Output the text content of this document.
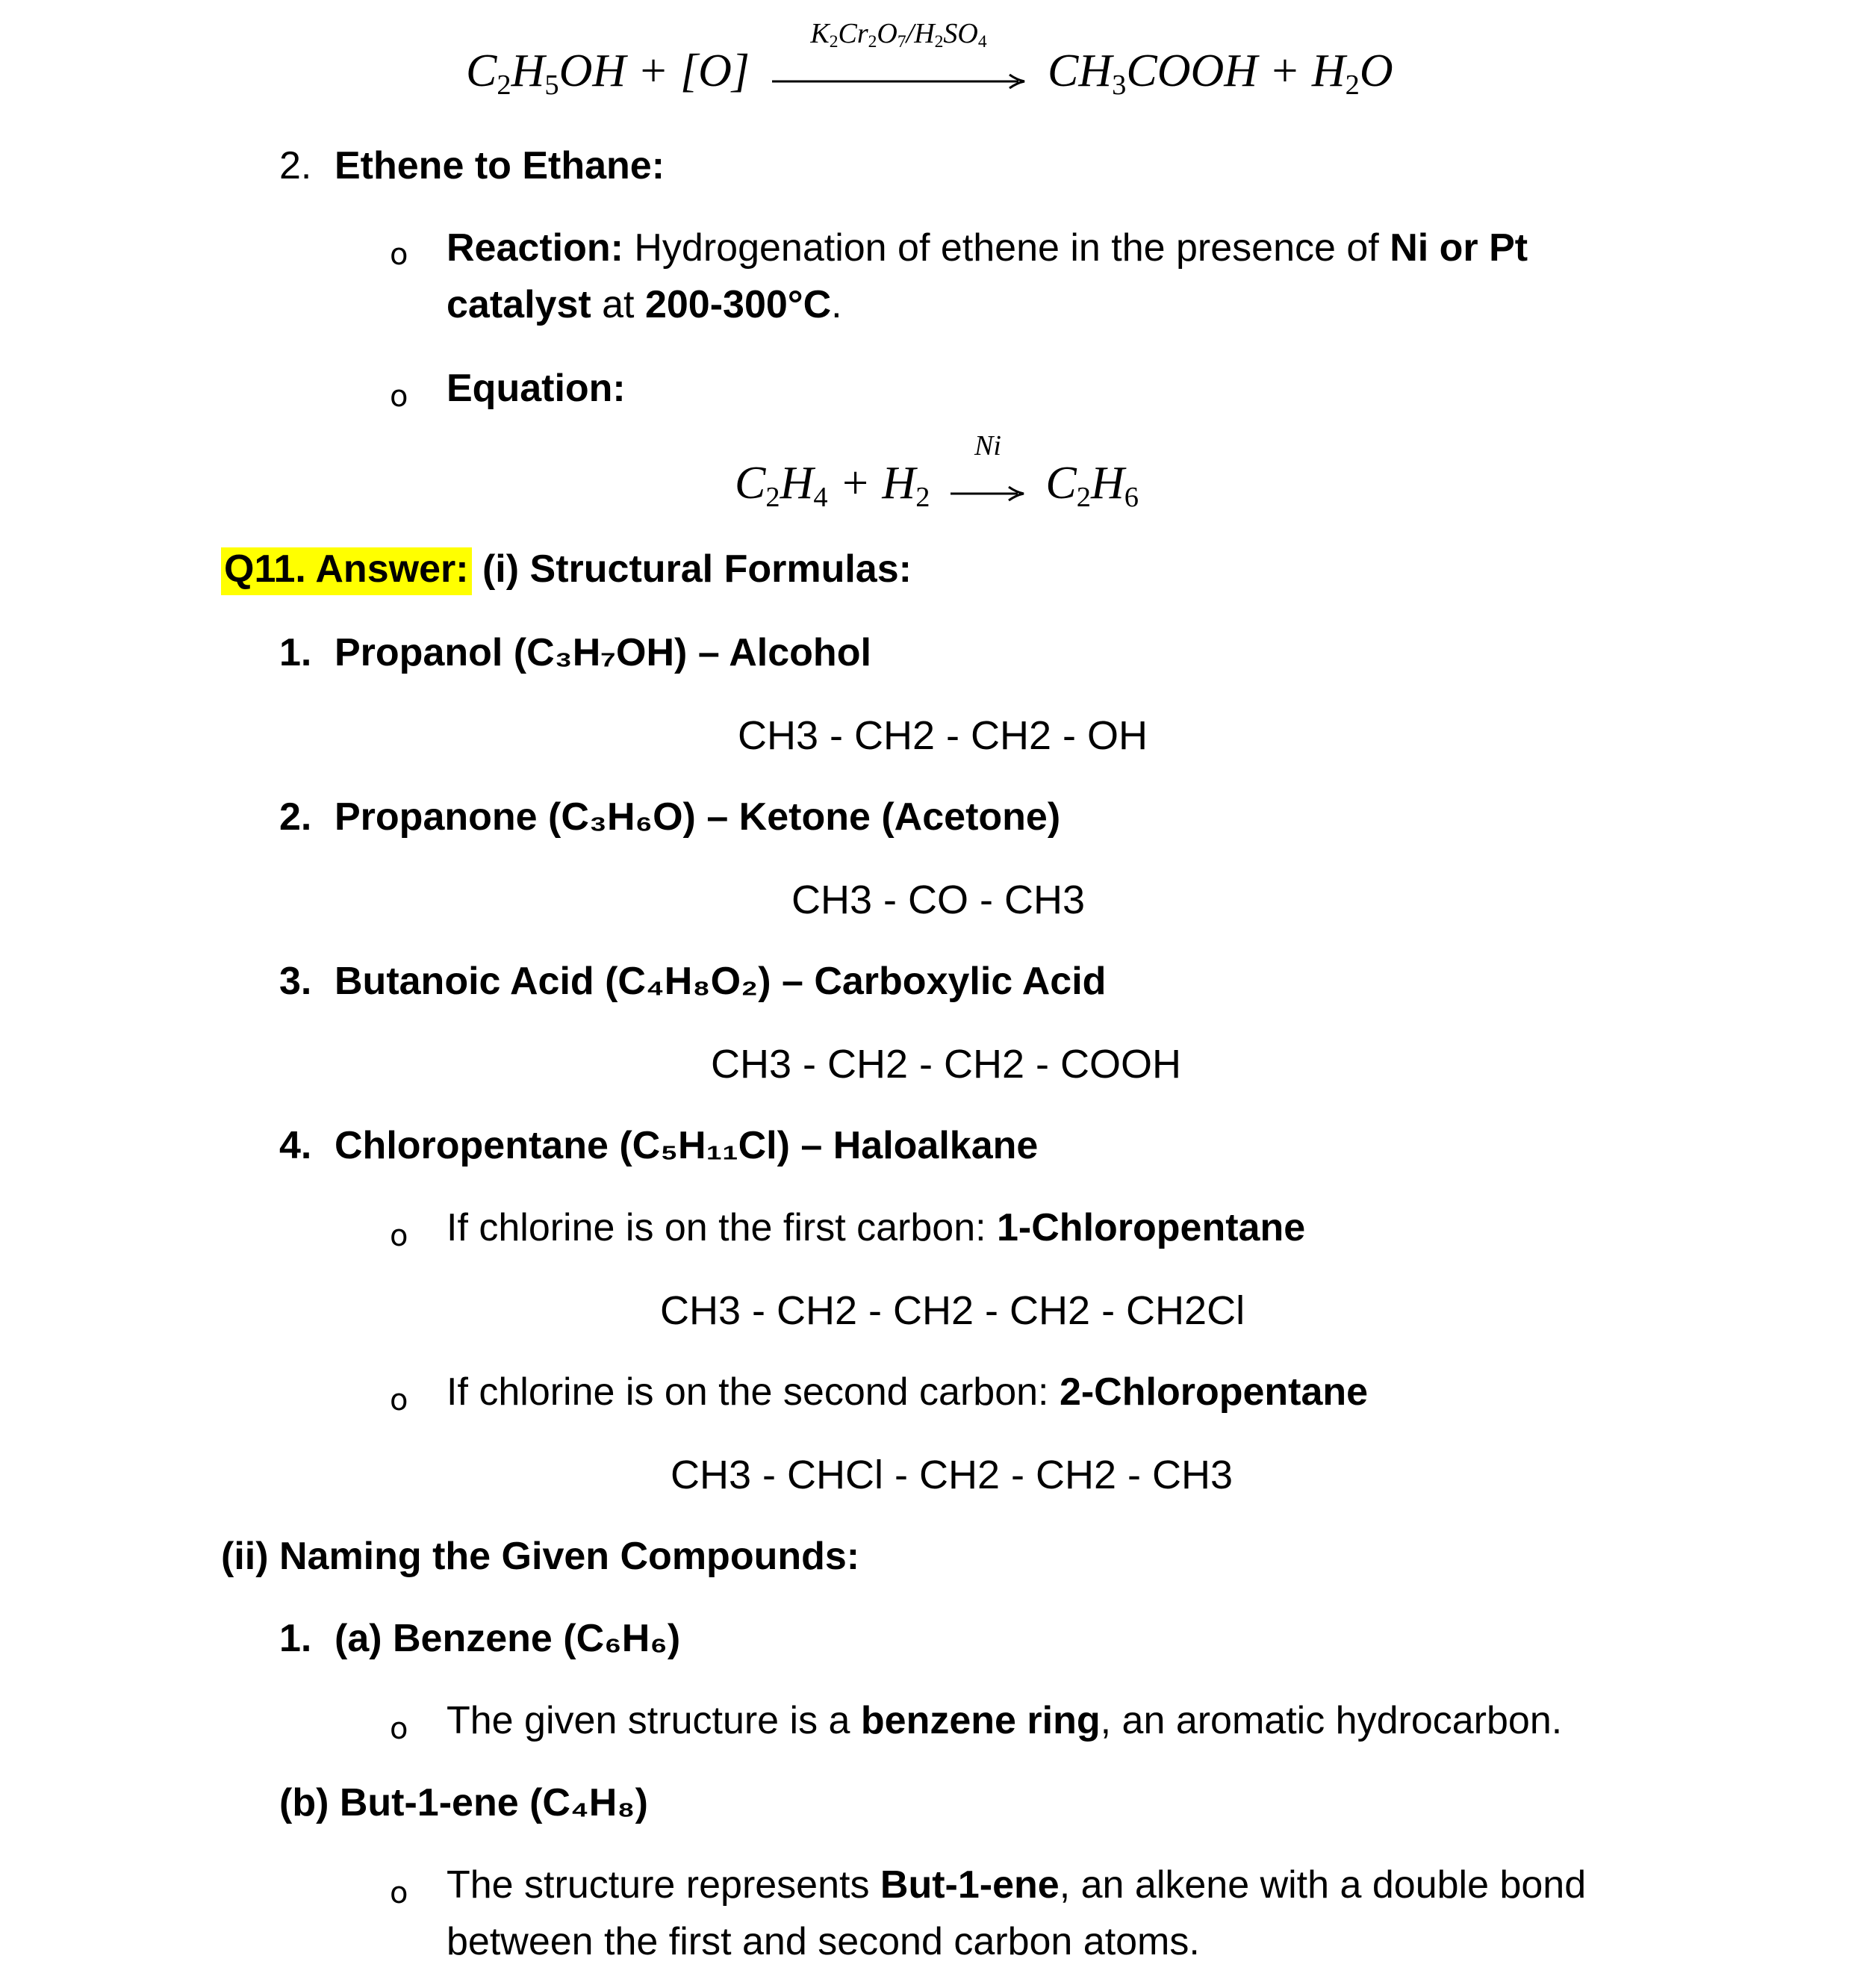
$C_2H_5OH + [O]$
$K_2Cr_2O_7/H_2SO_4$
$CH_3COOH + H_2O$
2. Ethene to Ethane:
o Reaction: Hydrogenation of ethene in the presence of Ni or Pt
catalyst at 200-300°C.
o Equation:
$C_2H_4 + H_2$
Ni
$C_2H_6$
Q11. Answer: (i) Structural Formulas:
1. Propanol (C₃H₇OH) – Alcohol
CH3 - CH2 - CH2 - OH
2. Propanone (C₃H₆O) – Ketone (Acetone)
CH3 - CO - CH3
3. Butanoic Acid (C₄H₈O₂) – Carboxylic Acid
CH3 - CH2 - CH2 - COOH
4. Chloropentane (C₅H₁₁Cl) – Haloalkane
o If chlorine is on the first carbon: 1-Chloropentane
CH3 - CH2 - CH2 - CH2 - CH2Cl
o If chlorine is on the second carbon: 2-Chloropentane
CH3 - CHCl - CH2 - CH2 - CH3
(ii) Naming the Given Compounds:
1. (a) Benzene (C₆H₆)
o The given structure is a benzene ring, an aromatic hydrocarbon.
(b) But-1-ene (C₄H₈)
o The structure represents But-1-ene, an alkene with a double bond
between the first and second carbon atoms.
